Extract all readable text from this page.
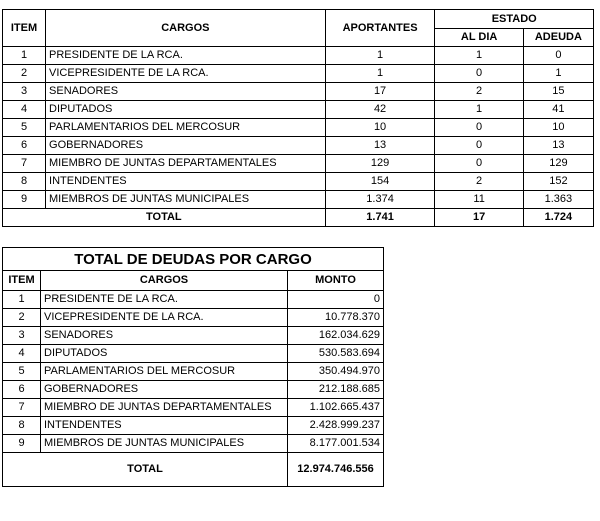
ITEM	CARGOS	APORTANTES	ESTADO	
			AL DIA	ADEUDA
1	PRESIDENTE DE LA RCA.	1	1	0
2	VICEPRESIDENTE DE LA RCA.	1	0	1
3	SENADORES	17	2	15
4	DIPUTADOS	42	1	41
5	PARLAMENTARIOS DEL MERCOSUR	10	0	10
6	GOBERNADORES	13	0	13
7	MIEMBRO DE JUNTAS DEPARTAMENTALES	129	0	129
8	INTENDENTES	154	2	152
9	MIEMBROS DE JUNTAS MUNICIPALES	1.374	11	1.363
TOTAL		1.741	17	1.724
TOTAL DE DEUDAS POR CARGO		
ITEM	CARGOS	MONTO
1	PRESIDENTE DE LA RCA.	0
2	VICEPRESIDENTE DE LA RCA.	10.778.370
3	SENADORES	162.034.629
4	DIPUTADOS	530.583.694
5	PARLAMENTARIOS DEL MERCOSUR	350.494.970
6	GOBERNADORES	212.188.685
7	MIEMBRO DE JUNTAS DEPARTAMENTALES	1.102.665.437
8	INTENDENTES	2.428.999.237
9	MIEMBROS DE JUNTAS MUNICIPALES	8.177.001.534
TOTAL		12.974.746.556
